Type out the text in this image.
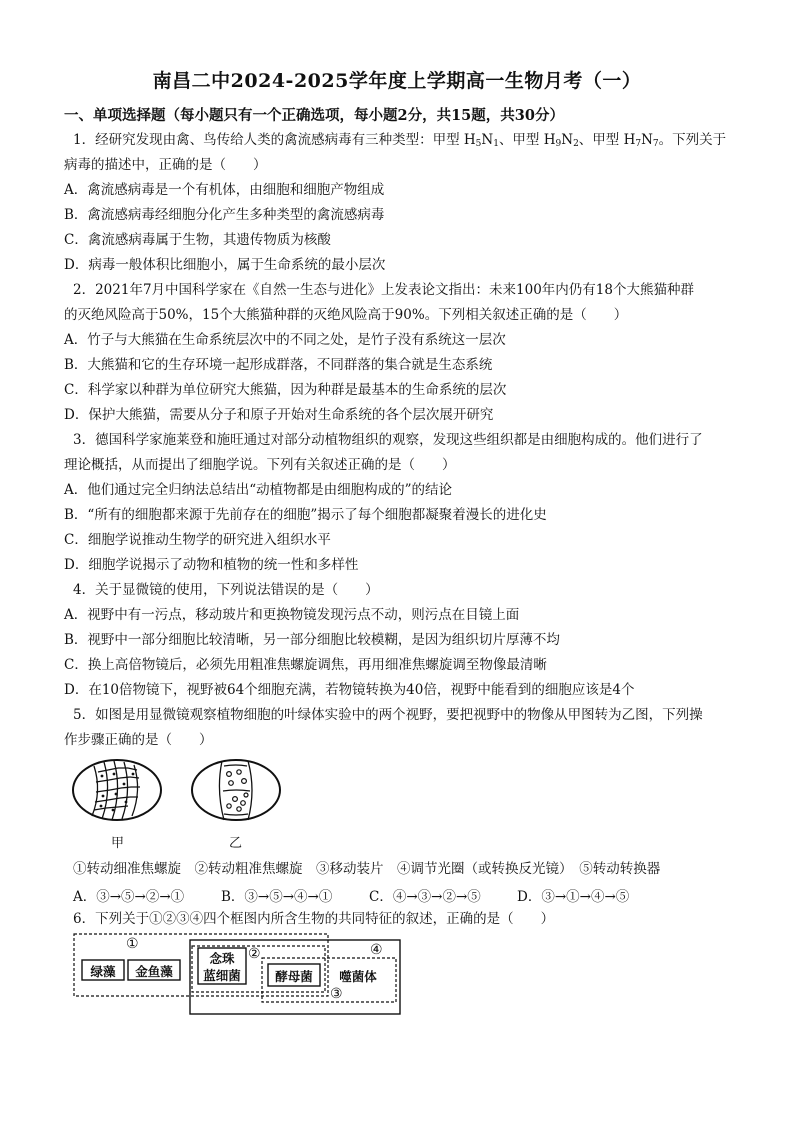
南昌二中2024-2025学年度上学期高一生物月考（一）
一、单项选择题（每小题只有一个正确选项，每小题2分，共15题，共30分）
1．经研究发现由禽、鸟传给人类的禽流感病毒有三种类型：甲型 $H_5N_1$、甲型 $H_9N_2$、甲型 $H_7N_7$。下列关于
病毒的描述中，正确的是（　　）
A．禽流感病毒是一个有机体，由细胞和细胞产物组成
B．禽流感病毒经细胞分化产生多种类型的禽流感病毒
C．禽流感病毒属于生物，其遗传物质为核酸
D．病毒一般体积比细胞小，属于生命系统的最小层次
2．2021年7月中国科学家在《自然一生态与进化》上发表论文指出：未来100年内仍有18个大熊猫种群
的灭绝风险高于50%，15个大熊猫种群的灭绝风险高于90%。下列相关叙述正确的是（　　）
A．竹子与大熊猫在生命系统层次中的不同之处，是竹子没有系统这一层次
B．大熊猫和它的生存环境一起形成群落，不同群落的集合就是生态系统
C．科学家以种群为单位研究大熊猫，因为种群是最基本的生命系统的层次
D．保护大熊猫，需要从分子和原子开始对生命系统的各个层次展开研究
3．德国科学家施莱登和施旺通过对部分动植物组织的观察，发现这些组织都是由细胞构成的。他们进行了
理论概括，从而提出了细胞学说。下列有关叙述正确的是（　　）
A．他们通过完全归纳法总结出“动植物都是由细胞构成的”的结论
B．“所有的细胞都来源于先前存在的细胞”揭示了每个细胞都凝聚着漫长的进化史
C．细胞学说推动生物学的研究进入组织水平
D．细胞学说揭示了动物和植物的统一性和多样性
4．关于显微镜的使用，下列说法错误的是（　　）
A．视野中有一污点，移动玻片和更换物镜发现污点不动，则污点在目镜上面
B．视野中一部分细胞比较清晰，另一部分细胞比较模糊，是因为组织切片厚薄不均
C．换上高倍物镜后，必须先用粗准焦螺旋调焦，再用细准焦螺旋调至物像最清晰
D．在10倍物镜下，视野被64个细胞充满，若物镜转换为40倍，视野中能看到的细胞应该是4个
5．如图是用显微镜观察植物细胞的叶绿体实验中的两个视野，要把视野中的物像从甲图转为乙图，下列操
作步骤正确的是（　　）
甲	乙
①转动细准焦螺旋　②转动粗准焦螺旋　③移动装片　④调节光圈（或转换反光镜）　⑤转动转换器
A．③→⑤→②→①	B．③→⑤→④→①	C．④→③→②→⑤	D．③→①→④→⑤
6．下列关于①②③④四个框图内所含生物的共同特征的叙述，正确的是（　　）
①
②
③
④
绿藻	金鱼藻
念珠
蓝细菌	酵母菌	噬菌体
